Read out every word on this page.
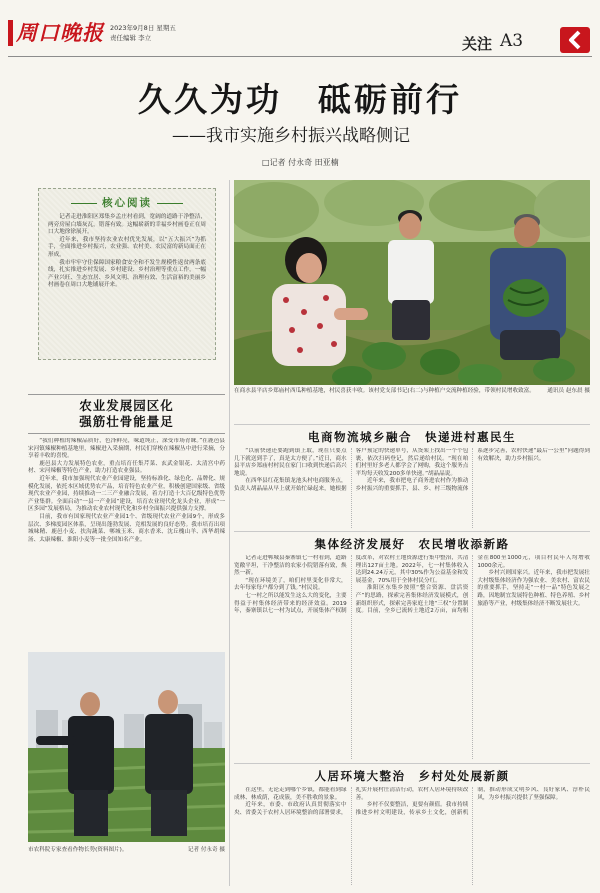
周口晚报 2023年9月8日 星期五
责任编辑 李立	关注 A3
久久为功　砥砺前行
——我市实施乡村振兴战略侧记
□记者 付永奇 田亚楠
核心阅读

记者走进淮阳区郑集乡孟庄村看到，宽阔的道路干净整洁，两旁房屋白墙灰瓦，错落有致。这幅崭新的幸福乡村画卷正在周口大地徐徐展开。

近年来，我市坚持农业农村优先发展，以“五大振兴”为抓手，全面推进乡村振兴，农业强、农村美、农民富的新局面正在形成。

我市牢牢守住保障国家粮食安全和不发生规模性返贫两条底线，扎实推进乡村发展、乡村建设、乡村治理等重点工作，一幅产业兴旺、生态宜居、乡风文明、治理有效、生活富裕的美丽乡村画卷在周口大地铺展开来。

在商水县平店乡郑庙村西瓜种植基地，村民喜获丰收。该村党支部书记(右二)与种植户交流种植经验，带领村民增收致富。 通讯员 赵东晨 摄
农业发展园区化
强筋壮骨能量足

“我们种植的辣椒品质好，色泽鲜亮，味道纯正，深受市场青睐。”在鹿邑县宋河镇辣椒种植基地里，辣椒进入采摘期，村民们穿梭在辣椒丛中进行采摘，分享着丰收的喜悦。

鹿邑县大力发展特色农业，重点培育任集芹菜、玄武金银花、太清宫中药材、宋河辣椒等特色产业，助力打造农业强县。

近年来，我市加强现代农业产业园建设，坚持标准化、绿色化、品牌化、规模化发展，依托本区域优势农产品，培育特色农业产业，积极创建国家级、省级现代农业产业园，持续推动一二三产业融合发展，着力打造十大百亿级特色优势产业集群。全面启动“一县一产业园”建设，培育农业现代化龙头企业，形成“一区多园”发展格局，为推动农业农村现代化和乡村全面振兴提供强力支撑。

目前，我市有国家现代农业产业园1个、省级现代农业产业园9个，形成多层次、多梯度园区体系，呈现出蓬勃发展、竞相发展的良好态势。我市培育出项城味精、鹿邑小麦、扶沟蔬菜、郸城玉米、商水香米、沈丘槐山羊、西华胡辣汤、太康辣椒、淮阳小麦等一批全国知名产业。

市农科院专家查看作物长势(资料图片)。	记者 付永奇 摄
电商物流城乡融合　快递进村惠民生

“以前快递还要跑到镇上取，现在只要点几下就送到手了，真是太方便了。”近日，商水县平店乡郑庙村村民在家门口收到快递后高兴地说。

在西华县红花集镇龙池头村电商服务点，负责人胡晶晶从早上就开始忙碌起来，她根据客户预定的快递单号，从货架上找出一个个包裹，依次扫码登记，然后递给村民。“现在咱们村里好多老人都学会了网购，我这个服务点平均每天收发200多单快递。”胡晶晶说。

近年来，我市把电子商务进农村作为推动乡村振兴的重要抓手，县、乡、村三级物流体系逐步完善，农村快递“最后一公里”问题得到有效解决，助力乡村振兴。

集体经济发展好　农民增收添新路

记者走进郸城县秦寨镇七一村看到，道路宽敞平坦，干净整洁的农家小院错落有致，焕然一新。

“现在环境美了，咱们村里变化非常大，去年每家每户都分到了钱。”村民说。

七一村之所以能发生这么大的变化，主要得益于村集体经济带来的经济效益。2019年，秦寨镇以七一村为试点，开展集体产权制度改革，对农村土地资源进行集中整治，共清理出127亩土地。2022年，七一村集体收入达到24.24万元，其中30%作为公益基金和发展基金，70%用于全体村民分红。

淮阳区东集乡按照“整合资源、盘活资产”的思路，探索完善集体经济发展模式，创新组织形式，探索完善家庭土地“三权”分置制度。目前，全乡已流转土地近2万亩，亩均租金在800至1000元，项目村民年人均增收1000余元。

乡村兴则国家兴。近年来，我市把发展壮大村级集体经济作为强农业、美农村、富农民的重要抓手，坚持走“一村一品”特色发展之路，因地制宜发展特色种植、特色养殖、乡村旅游等产业，村级集体经济不断发展壮大。

人居环境大整治　乡村处处展新颜

在这里，无论走到哪个乡镇，都能看到绿成林、林成荫，花成簇，美不胜收的景象。

近年来，市委、市政府认真贯彻落实中央、省委关于农村人居环境整治的部署要求，扎实开展村庄清洁行动，农村人居环境持续改善。

乡村不仅要整洁，更要有颜值。我市持续推进乡村文明建设，传承乡土文化，创新机制，推动形成文明乡风、良好家风、淳朴民风，为乡村振兴提供了坚强保障。
